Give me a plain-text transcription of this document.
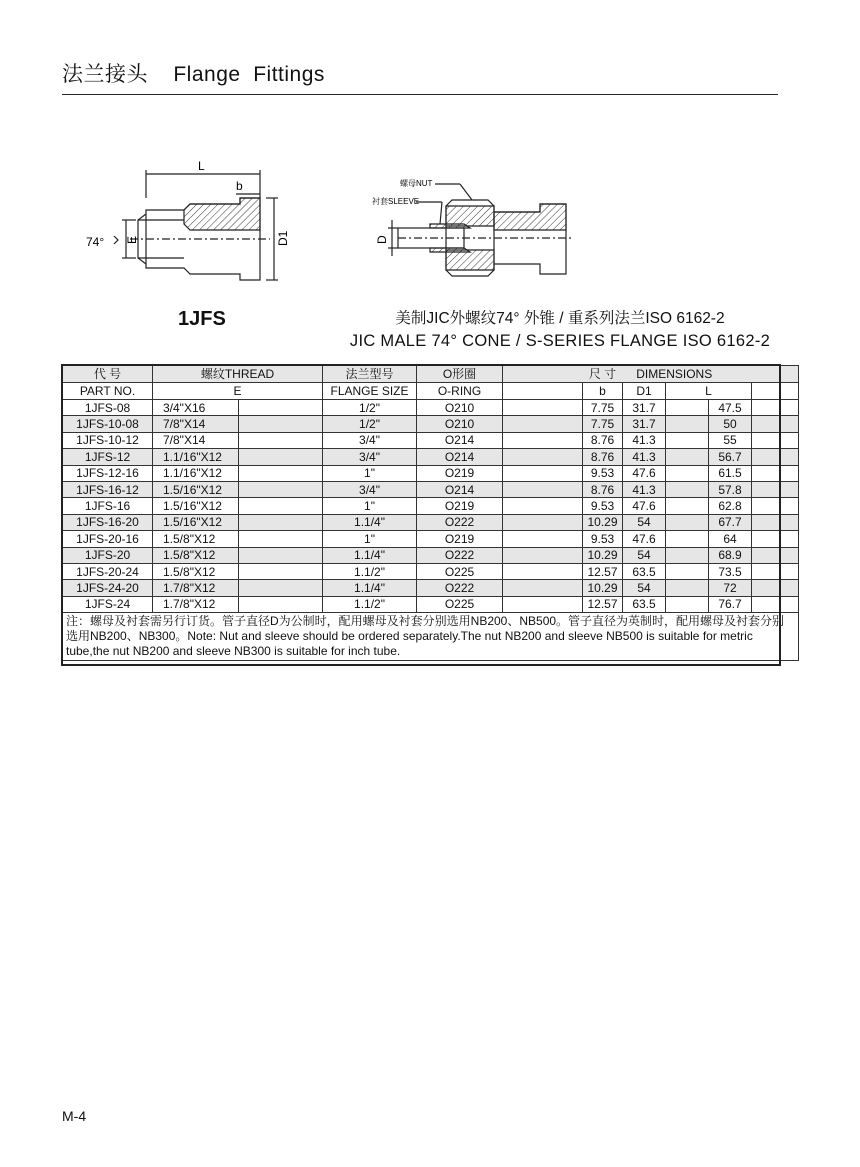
法兰接头    Flange  Fittings
L
b
D1
E
74°
螺母NUT
衬套SLEEVE
D
1JFS	美制JIC外螺纹74° 外锥 / 重系列法兰ISO 6162-2
JIC MALE 74° CONE / S-SERIES FLANGE ISO 6162-2
代 号	螺纹THREAD		法兰型号	O形圈	尺 寸 DIMENSIONS					
PART NO.	E		FLANGE SIZE	O-RING		b	D1	L		
1JFS-08	3/4"X16		1/2"	O210		7.75	31.7		47.5	
1JFS-10-08	7/8"X14		1/2"	O210		7.75	31.7		50	
1JFS-10-12	7/8"X14		3/4"	O214		8.76	41.3		55	
1JFS-12	1.1/16"X12		3/4"	O214		8.76	41.3		56.7	
1JFS-12-16	1.1/16"X12		1"	O219		9.53	47.6		61.5	
1JFS-16-12	1.5/16"X12		3/4"	O214		8.76	41.3		57.8	
1JFS-16	1.5/16"X12		1"	O219		9.53	47.6		62.8	
1JFS-16-20	1.5/16"X12		1.1/4"	O222		10.29	54		67.7	
1JFS-20-16	1.5/8"X12		1"	O219		9.53	47.6		64	
1JFS-20	1.5/8"X12		1.1/4"	O222		10.29	54		68.9	
1JFS-20-24	1.5/8"X12		1.1/2"	O225		12.57	63.5		73.5	
1JFS-24-20	1.7/8"X12		1.1/4"	O222		10.29	54		72	
1JFS-24	1.7/8"X12		1.1/2"	O225		12.57	63.5		76.7	
注：螺母及衬套需另行订货。管子直径D为公制时，配用螺母及衬套分别选用NB200、NB500。管子直径为英制时，配用螺母及衬套分别选用NB200、NB300。Note: Nut and sleeve should be ordered separately.The nut NB200 and sleeve NB500 is suitable for metric tube,the nut NB200 and sleeve NB300 is suitable for inch tube.										
M-4
